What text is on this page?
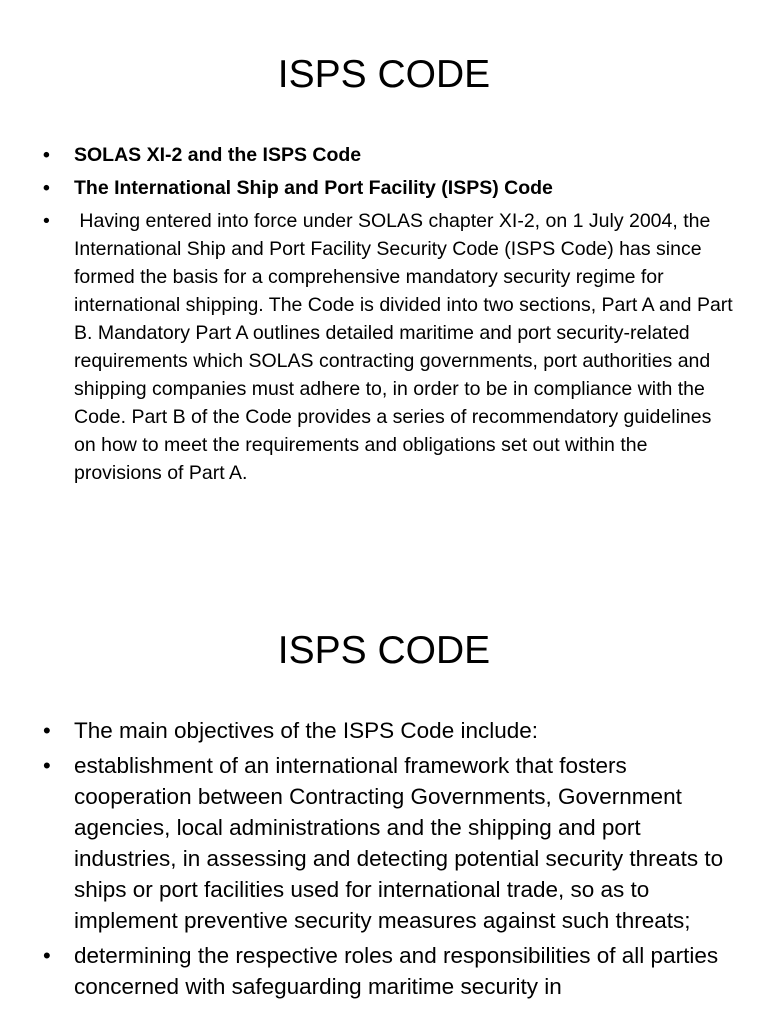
ISPS CODE
• SOLAS XI-2 and the ISPS Code
• The International Ship and Port Facility (ISPS) Code
• Having entered into force under SOLAS chapter XI-2, on 1 July 2004, the International Ship and Port Facility Security Code (ISPS Code) has since formed the basis for a comprehensive mandatory security regime for international shipping. The Code is divided into two sections, Part A and Part B. Mandatory Part A outlines detailed maritime and port security-related requirements which SOLAS contracting governments, port authorities and shipping companies must adhere to, in order to be in compliance with the Code. Part B of the Code provides a series of recommendatory guidelines on how to meet the requirements and obligations set out within the provisions of Part A.
ISPS CODE
• The main objectives of the ISPS Code include:
• establishment of an international framework that fosters cooperation between Contracting Governments, Government agencies, local administrations and the shipping and port industries, in assessing and detecting potential security threats to ships or port facilities used for international trade, so as to implement preventive security measures against such threats;
• determining the respective roles and responsibilities of all parties concerned with safeguarding maritime security in
